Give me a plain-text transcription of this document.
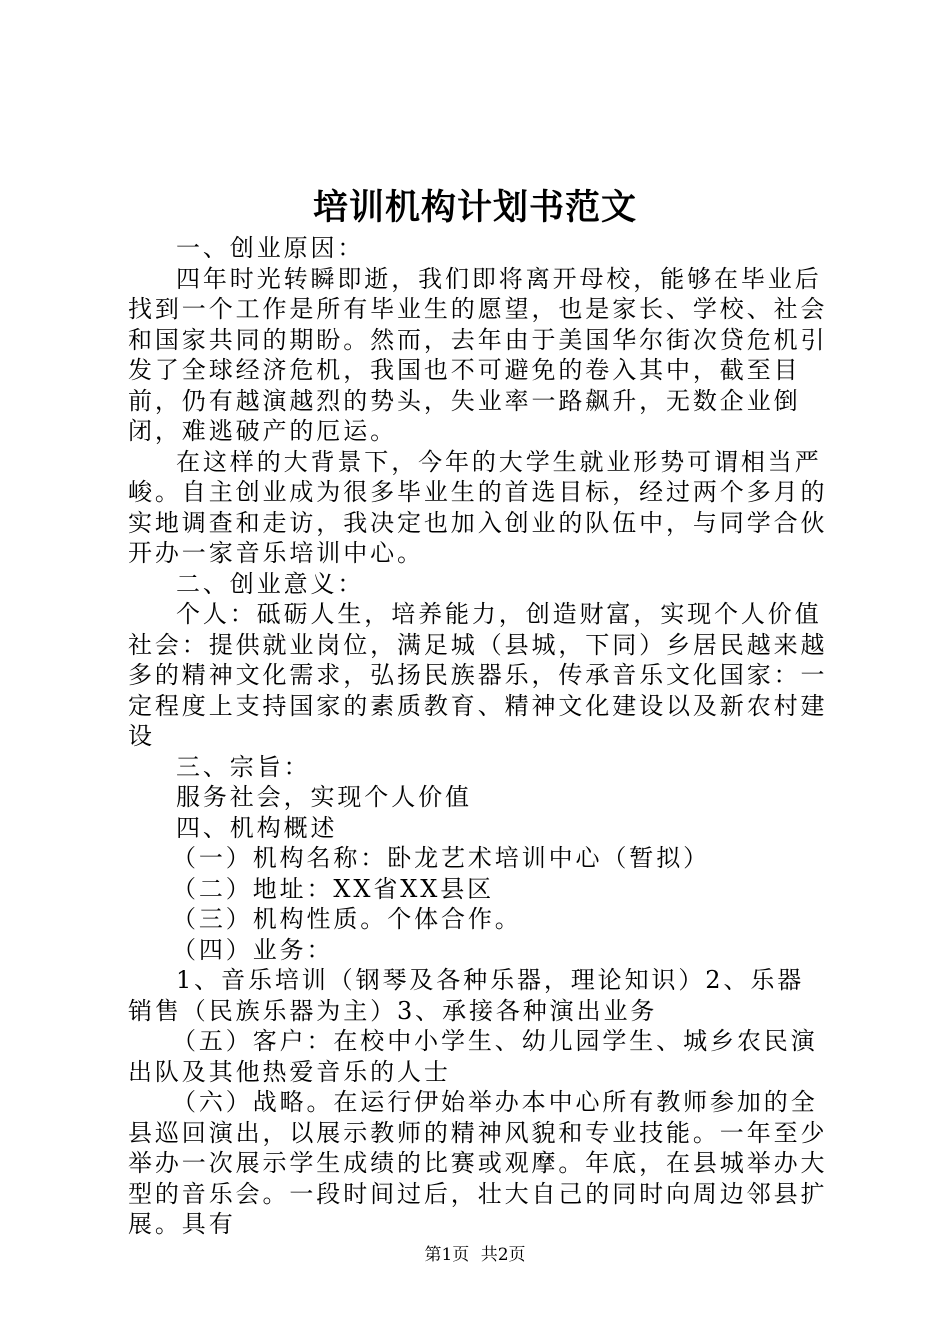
培训机构计划书范文

一、创业原因：

四年时光转瞬即逝，我们即将离开母校，能够在毕业后找到一个工作是所有毕业生的愿望，也是家长、学校、社会和国家共同的期盼。然而，去年由于美国华尔街次贷危机引发了全球经济危机，我国也不可避免的卷入其中，截至目前，仍有越演越烈的势头，失业率一路飙升，无数企业倒闭，难逃破产的厄运。

在这样的大背景下，今年的大学生就业形势可谓相当严峻。自主创业成为很多毕业生的首选目标，经过两个多月的实地调查和走访，我决定也加入创业的队伍中，与同学合伙开办一家音乐培训中心。

二、创业意义：

个人：砥砺人生，培养能力，创造财富，实现个人价值社会：提供就业岗位，满足城（县城，下同）乡居民越来越多的精神文化需求，弘扬民族器乐，传承音乐文化国家：一定程度上支持国家的素质教育、精神文化建设以及新农村建设

三、宗旨：

服务社会，实现个人价值

四、机构概述

（一）机构名称：卧龙艺术培训中心（暂拟）

（二）地址：XX省XX县区

（三）机构性质。个体合作。

（四）业务：

1、音乐培训（钢琴及各种乐器，理论知识）2、乐器销售（民族乐器为主）3、承接各种演出业务

（五）客户：在校中小学生、幼儿园学生、城乡农民演出队及其他热爱音乐的人士

（六）战略。在运行伊始举办本中心所有教师参加的全县巡回演出，以展示教师的精神风貌和专业技能。一年至少举办一次展示学生成绩的比赛或观摩。年底，在县城举办大型的音乐会。一段时间过后，壮大自己的同时向周边邻县扩展。具有

第1页 共2页
